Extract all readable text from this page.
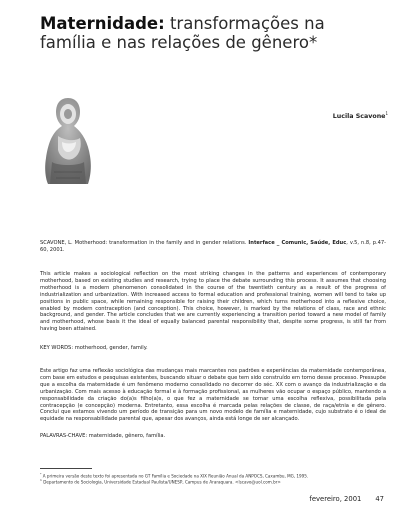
Maternidade: transformações na família e nas relações de gênero*
Lucila Scavone$^1$

SCAVONE, L. Motherhood: transformation in the family and in gender relations. Interface _ Comunic, Saúde, Educ, v.5, n.8, p.47-60, 2001.

This article makes a sociological reflection on the most striking changes in the patterns and experiences of contemporary motherhood, based on existing studies and research, trying to place the debate surrounding this process. It assumes that choosing motherhood is a modern phenomenon consolidated in the course of the twentieth century as a result of the progress of industrialization and urbanization. With increased access to formal education and professional training, women will tend to take up positions in public space, while remaining responsible for raising their children, which turns motherhood into a reflexive choice, enabled by modern contraception (and conception). This choice, however, is marked by the relations of class, race and ethnic background, and gender. The article concludes that we are currently experiencing a transition period toward a new model of family and motherhood, whose basis it the ideal of equally balanced parental responsibility that, despite some progress, is still far from having been attained.

KEY WORDS: motherhood, gender, family.

Este artigo faz uma reflexão sociológica das mudanças mais marcantes nos padrões e experiências da maternidade contemporânea, com base em estudos e pesquisas existentes, buscando situar o debate que tem sido construído em torno desse processo. Pressupõe que a escolha da maternidade é um fenômeno moderno consolidado no decorrer do séc. XX com o avanço da industrialização e da urbanização. Com mais acesso à educação formal e à formação profissional, as mulheres vão ocupar o espaço público, mantendo a responsabilidade da criação do(a)s filho(a)s, o que fez a maternidade se tornar uma escolha reflexiva, possibilitada pela contracepção (e concepção) moderna. Entretanto, essa escolha é marcada pelas relações de classe, de raça/etnia e de gênero. Conclui que estamos vivendo um período de transição para um novo modelo de família e maternidade, cujo substrato é o ideal de equidade na responsabilidade parental que, apesar dos avanços, ainda está longe de ser alcançado.

PALAVRAS-CHAVE: maternidade, gênero, família.

* A primeira versão deste texto foi apresentada no GT Família e Sociedade na XIX Reunião Anual da ANPOCS, Caxambu, MG, 1995.

$^1$ Departamento de Sociologia, Universidade Estadual Paulista/UNESP, Campus de Araraquara. <lscavo@uol.com.br>

fevereiro, 2001 47
